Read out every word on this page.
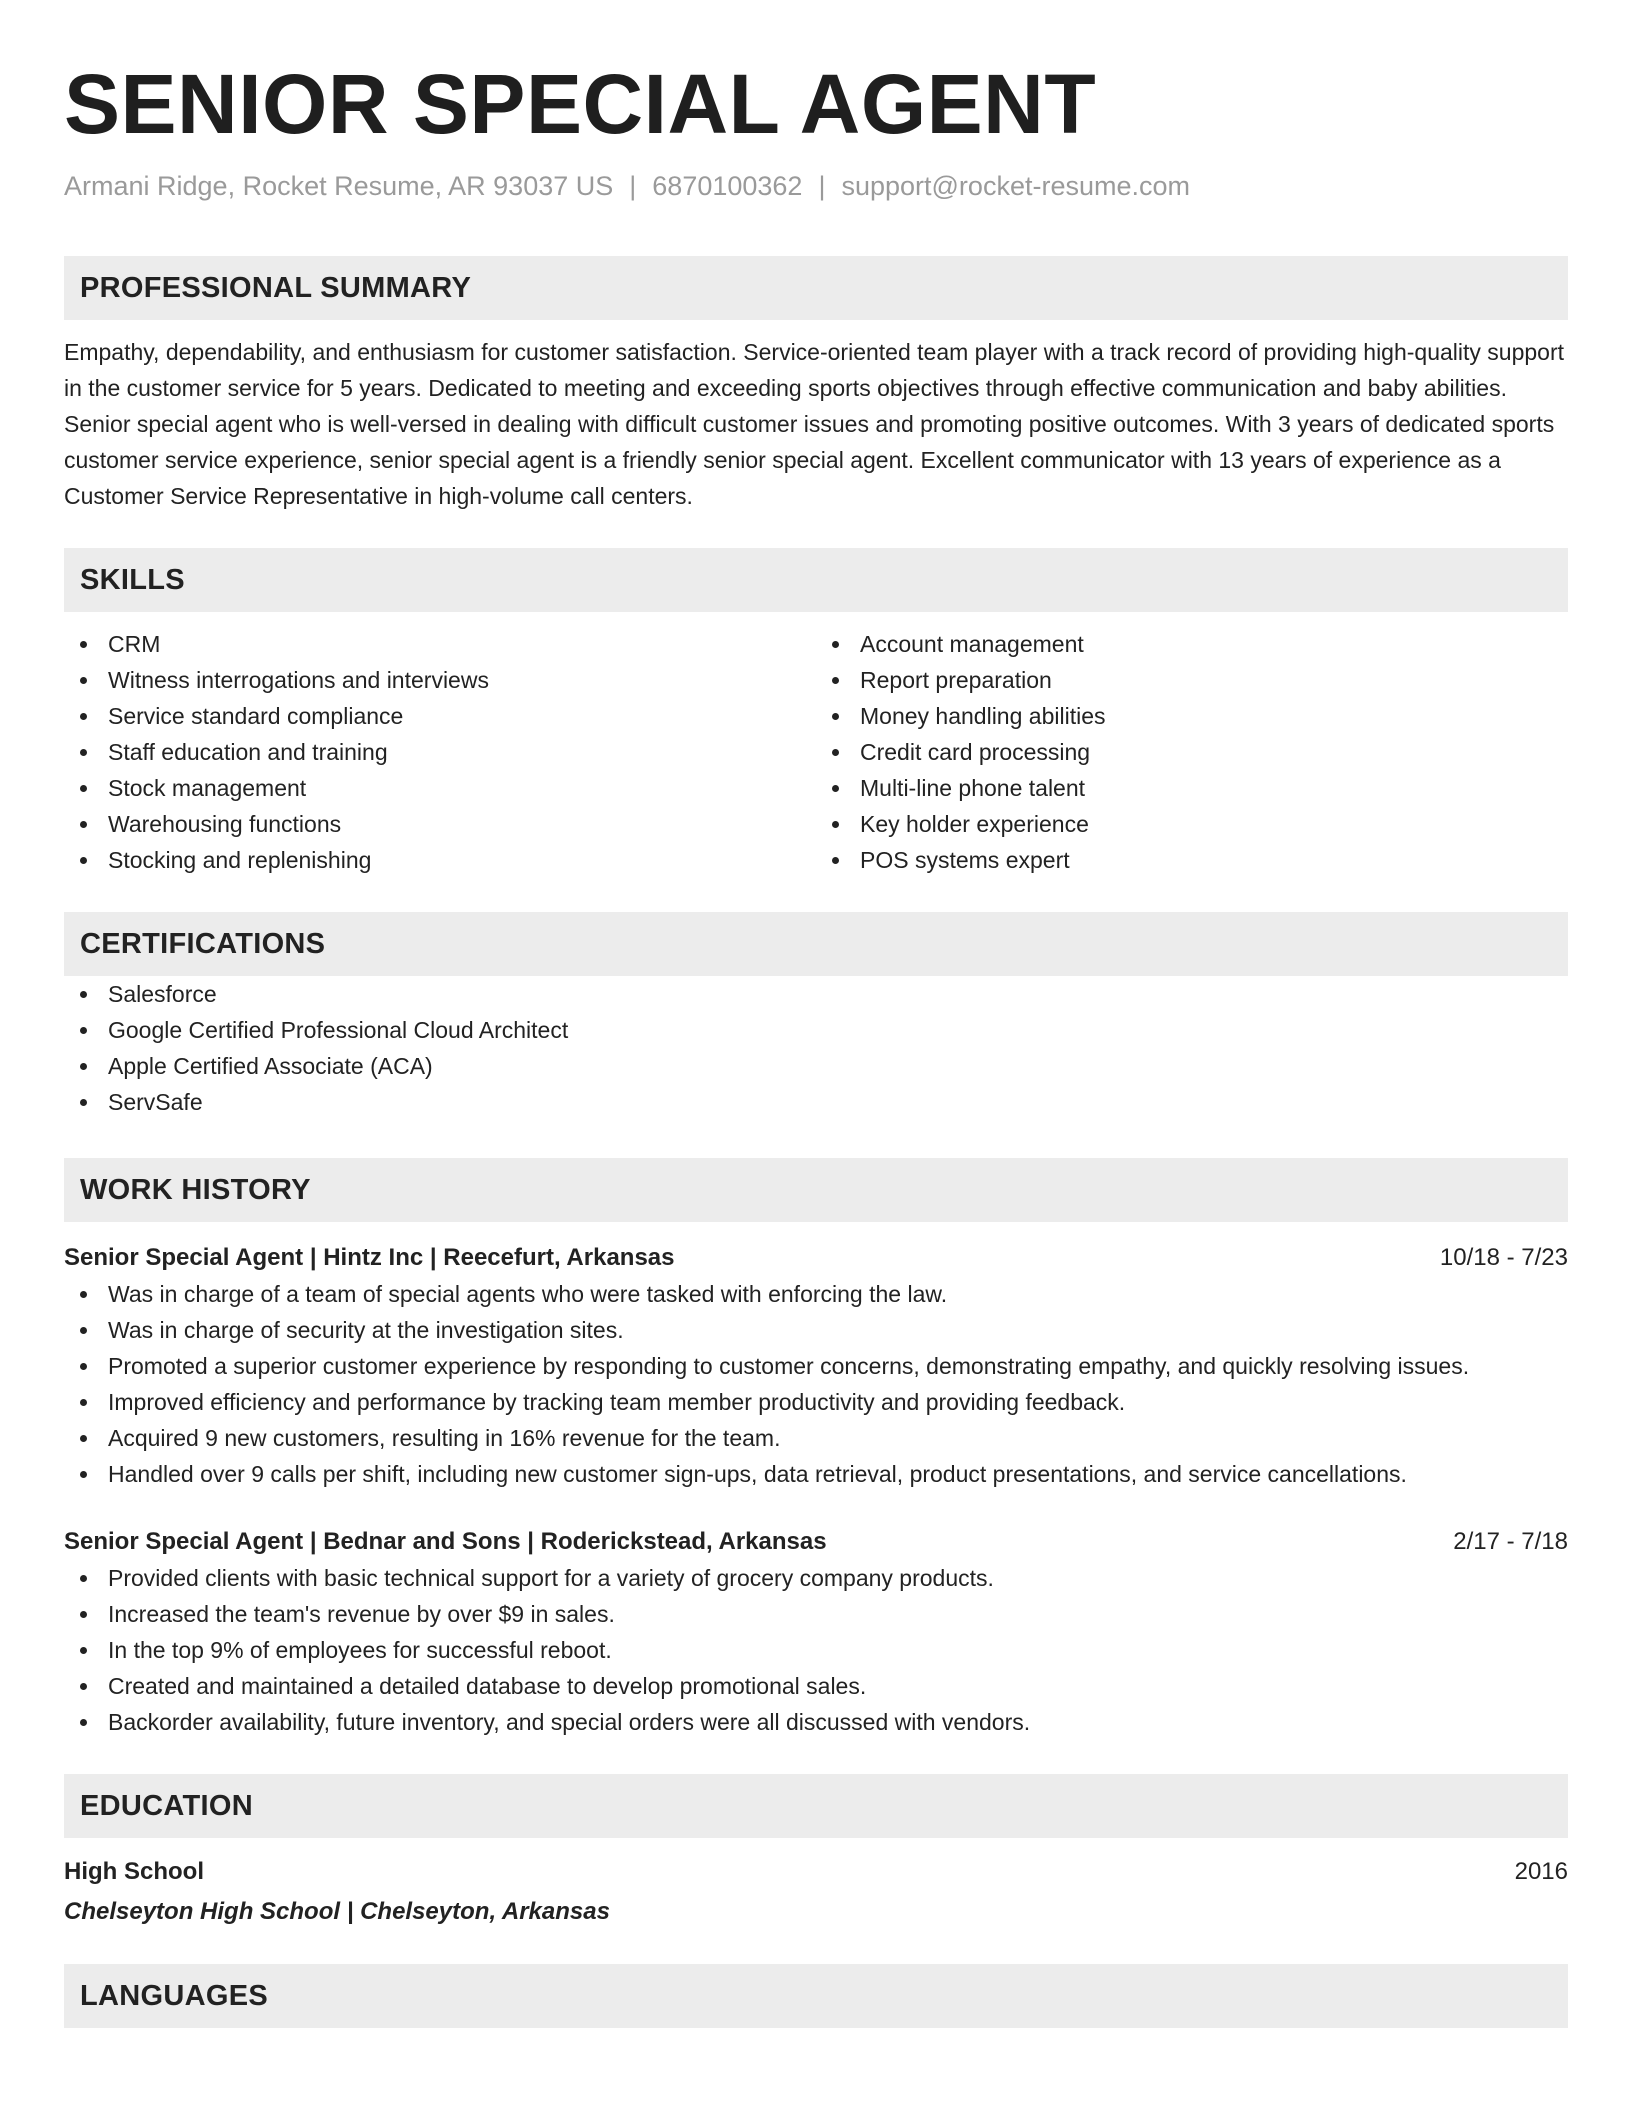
SENIOR SPECIAL AGENT
Armani Ridge, Rocket Resume, AR 93037 US | 6870100362 | support@rocket-resume.com
PROFESSIONAL SUMMARY
Empathy, dependability, and enthusiasm for customer satisfaction. Service-oriented team player with a track record of providing high-quality support in the customer service for 5 years. Dedicated to meeting and exceeding sports objectives through effective communication and baby abilities. Senior special agent who is well-versed in dealing with difficult customer issues and promoting positive outcomes. With 3 years of dedicated sports customer service experience, senior special agent is a friendly senior special agent. Excellent communicator with 13 years of experience as a Customer Service Representative in high-volume call centers.
SKILLS
CRM
Witness interrogations and interviews
Service standard compliance
Staff education and training
Stock management
Warehousing functions
Stocking and replenishing
Account management
Report preparation
Money handling abilities
Credit card processing
Multi-line phone talent
Key holder experience
POS systems expert
CERTIFICATIONS
Salesforce
Google Certified Professional Cloud Architect
Apple Certified Associate (ACA)
ServSafe
WORK HISTORY
Senior Special Agent | Hintz Inc | Reecefurt, Arkansas	10/18 - 7/23
Was in charge of a team of special agents who were tasked with enforcing the law.
Was in charge of security at the investigation sites.
Promoted a superior customer experience by responding to customer concerns, demonstrating empathy, and quickly resolving issues.
Improved efficiency and performance by tracking team member productivity and providing feedback.
Acquired 9 new customers, resulting in 16% revenue for the team.
Handled over 9 calls per shift, including new customer sign-ups, data retrieval, product presentations, and service cancellations.
Senior Special Agent | Bednar and Sons | Roderickstead, Arkansas	2/17 - 7/18
Provided clients with basic technical support for a variety of grocery company products.
Increased the team's revenue by over $9 in sales.
In the top 9% of employees for successful reboot.
Created and maintained a detailed database to develop promotional sales.
Backorder availability, future inventory, and special orders were all discussed with vendors.
EDUCATION
High School	2016
Chelseyton High School | Chelseyton, Arkansas
LANGUAGES
